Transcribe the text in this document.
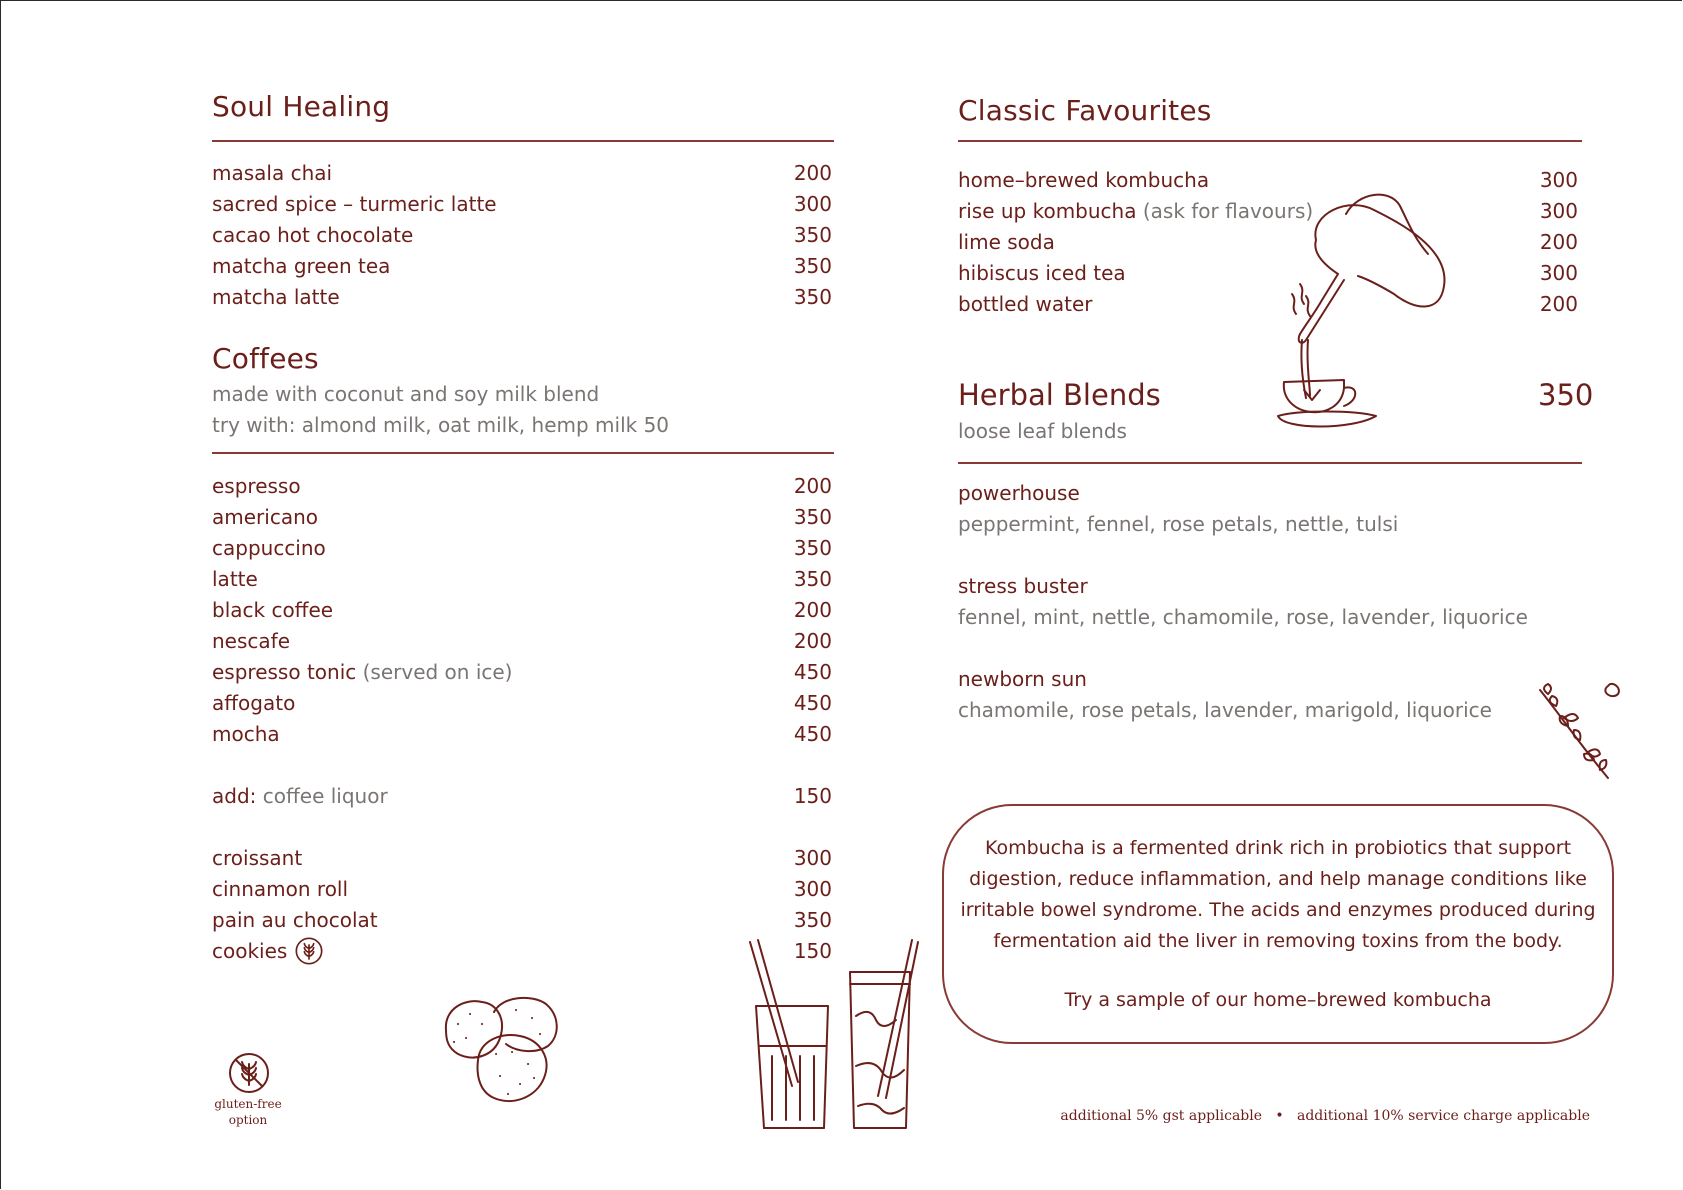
Soul Healing
masala chai	200
sacred spice – turmeric latte	300
cacao hot chocolate	350
matcha green tea	350
matcha latte	350
Coffees
made with coconut and soy milk blend
try with: almond milk, oat milk, hemp milk 50
espresso	200
americano	350
cappuccino	350
latte	350
black coffee	200
nescafe	200
espresso tonic (served on ice)	450
affogato	450
mocha	450
add: coffee liquor	150
croissant	300
cinnamon roll	300
pain au chocolat	350
cookies	150
gluten-free
option
Classic Favourites
home–brewed kombucha	300
rise up kombucha (ask for flavours)	300
lime soda	200
hibiscus iced tea	300
bottled water	200
Herbal Blends	350
loose leaf blends
powerhouse
peppermint, fennel, rose petals, nettle, tulsi
stress buster
fennel, mint, nettle, chamomile, rose, lavender, liquorice
newborn sun
chamomile, rose petals, lavender, marigold, liquorice
Kombucha is a fermented drink rich in probiotics that support digestion, reduce inflammation, and help manage conditions like irritable bowel syndrome. The acids and enzymes produced during fermentation aid the liver in removing toxins from the body.
Try a sample of our home–brewed kombucha
additional 5% gst applicable • additional 10% service charge applicable
